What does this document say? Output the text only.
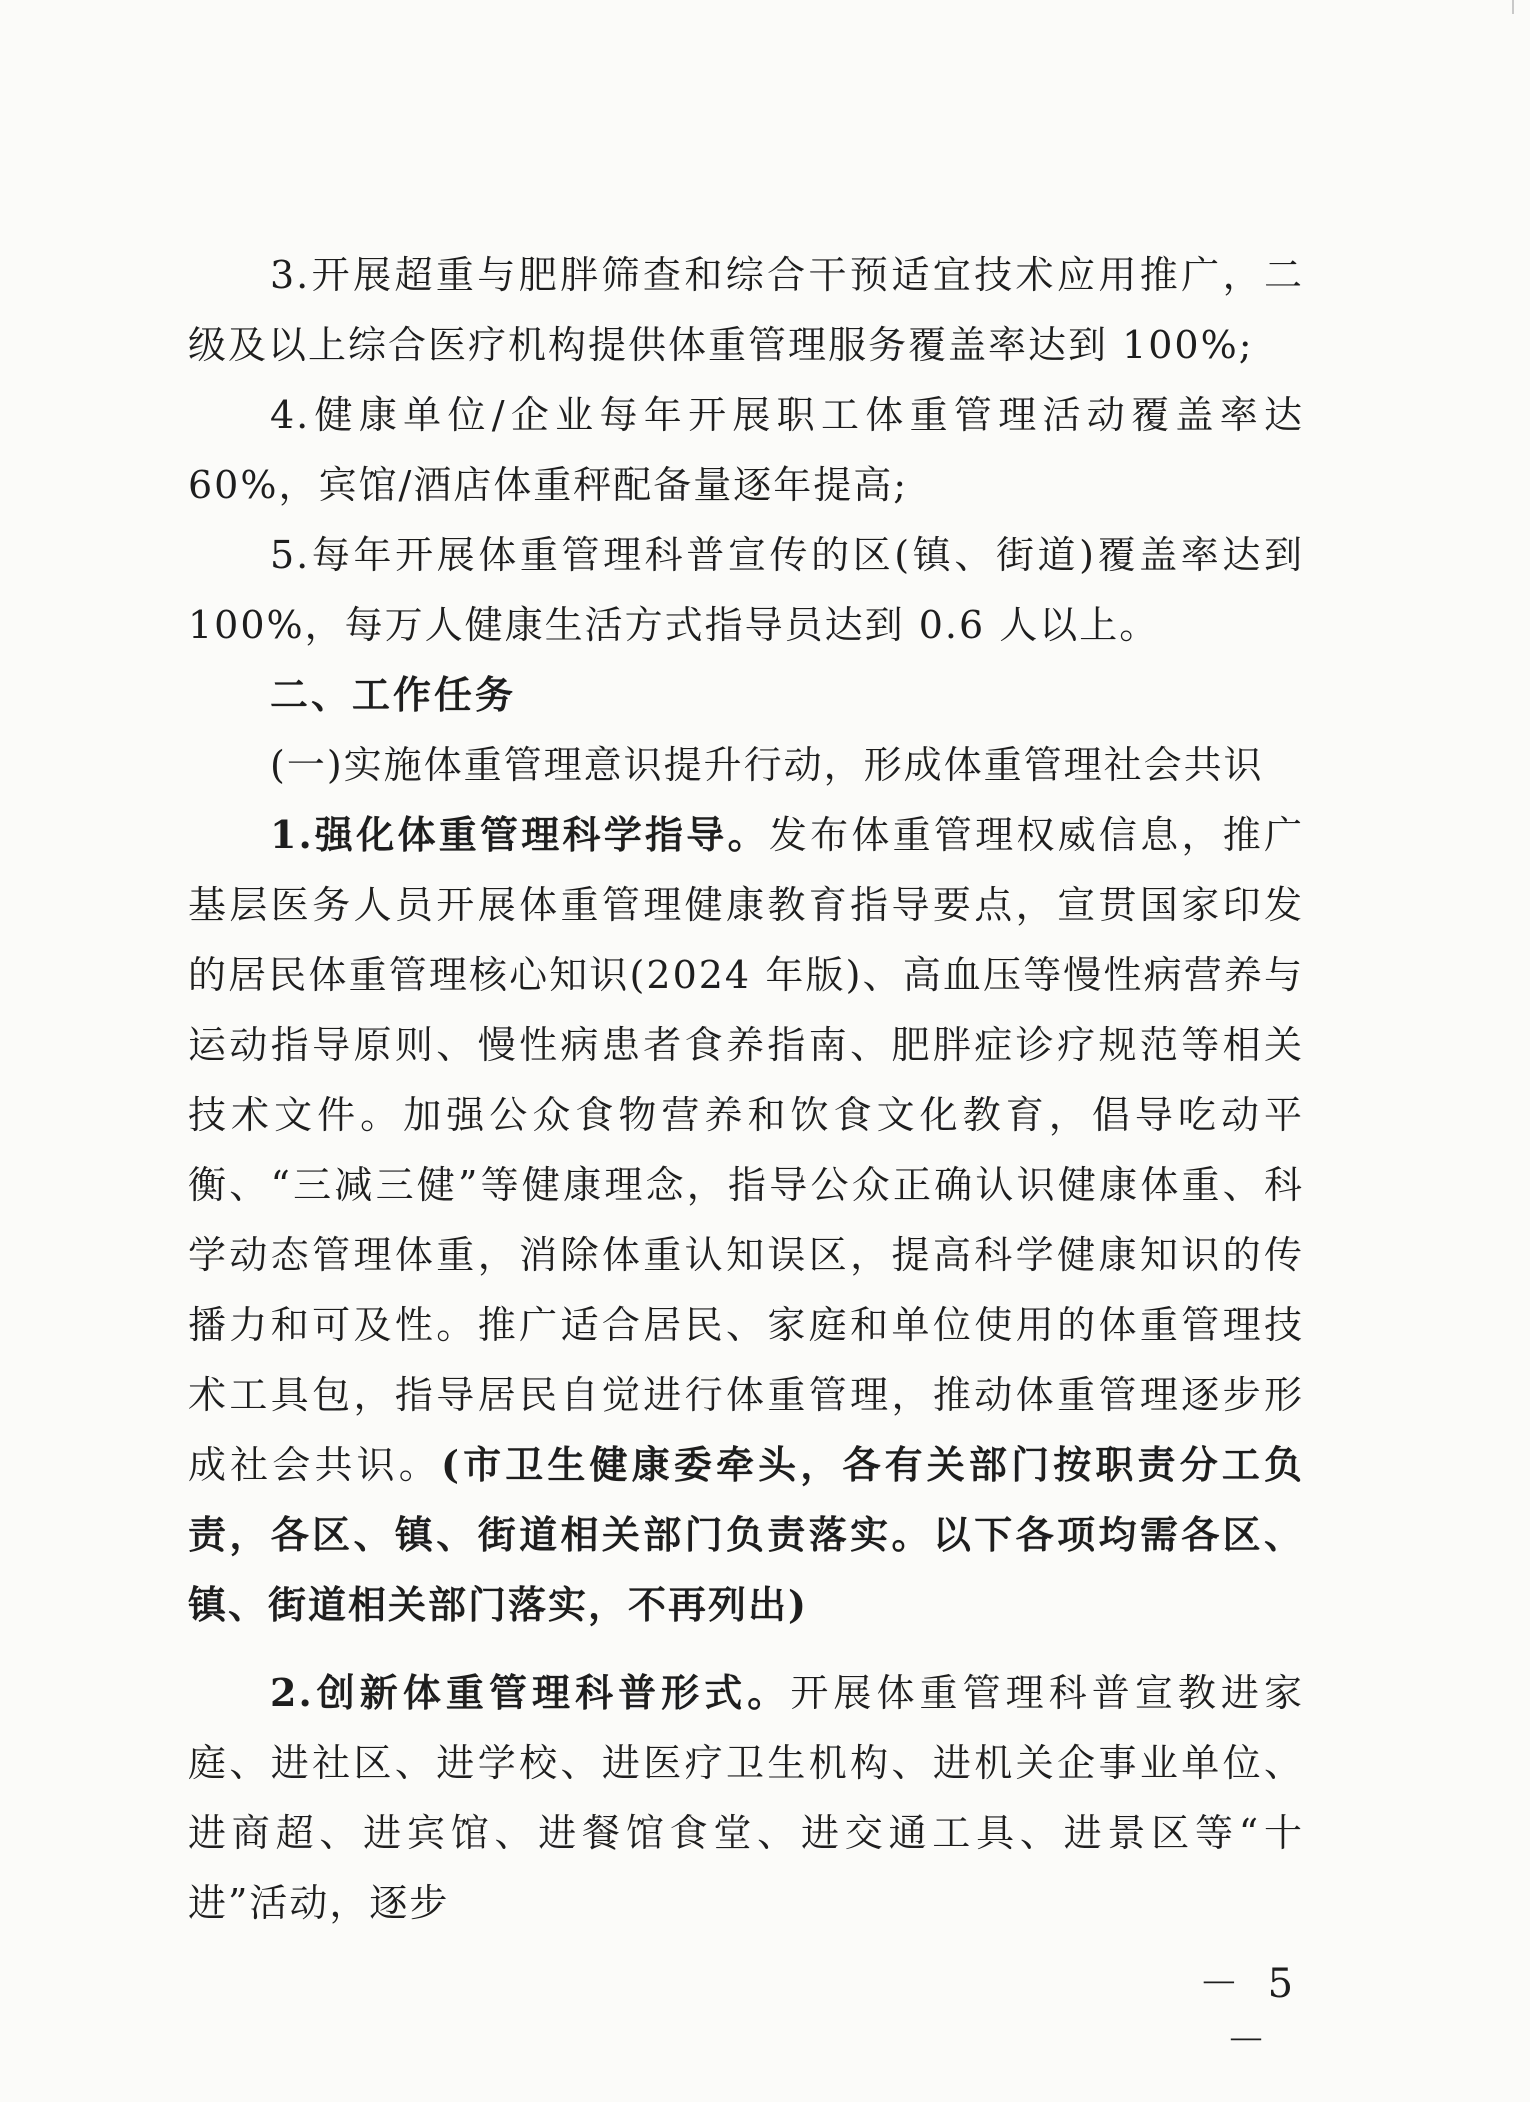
3.开展超重与肥胖筛查和综合干预适宜技术应用推广，二级及以上综合医疗机构提供体重管理服务覆盖率达到 100%;

4.健康单位/企业每年开展职工体重管理活动覆盖率达 60%，宾馆/酒店体重秤配备量逐年提高;

5.每年开展体重管理科普宣传的区(镇、街道)覆盖率达到 100%，每万人健康生活方式指导员达到 0.6 人以上。

二、工作任务

(一)实施体重管理意识提升行动，形成体重管理社会共识

1.强化体重管理科学指导。发布体重管理权威信息，推广基层医务人员开展体重管理健康教育指导要点，宣贯国家印发的居民体重管理核心知识(2024 年版)、高血压等慢性病营养与运动指导原则、慢性病患者食养指南、肥胖症诊疗规范等相关技术文件。加强公众食物营养和饮食文化教育，倡导吃动平衡、“三减三健”等健康理念，指导公众正确认识健康体重、科学动态管理体重，消除体重认知误区，提高科学健康知识的传播力和可及性。推广适合居民、家庭和单位使用的体重管理技术工具包，指导居民自觉进行体重管理，推动体重管理逐步形成社会共识。(市卫生健康委牵头，各有关部门按职责分工负责，各区、镇、街道相关部门负责落实。以下各项均需各区、镇、街道相关部门落实，不再列出)

2.创新体重管理科普形式。开展体重管理科普宣教进家庭、进社区、进学校、进医疗卫生机构、进机关企事业单位、进商超、进宾馆、进餐馆食堂、进交通工具、进景区等“十进”活动，逐步

－ 5 －
